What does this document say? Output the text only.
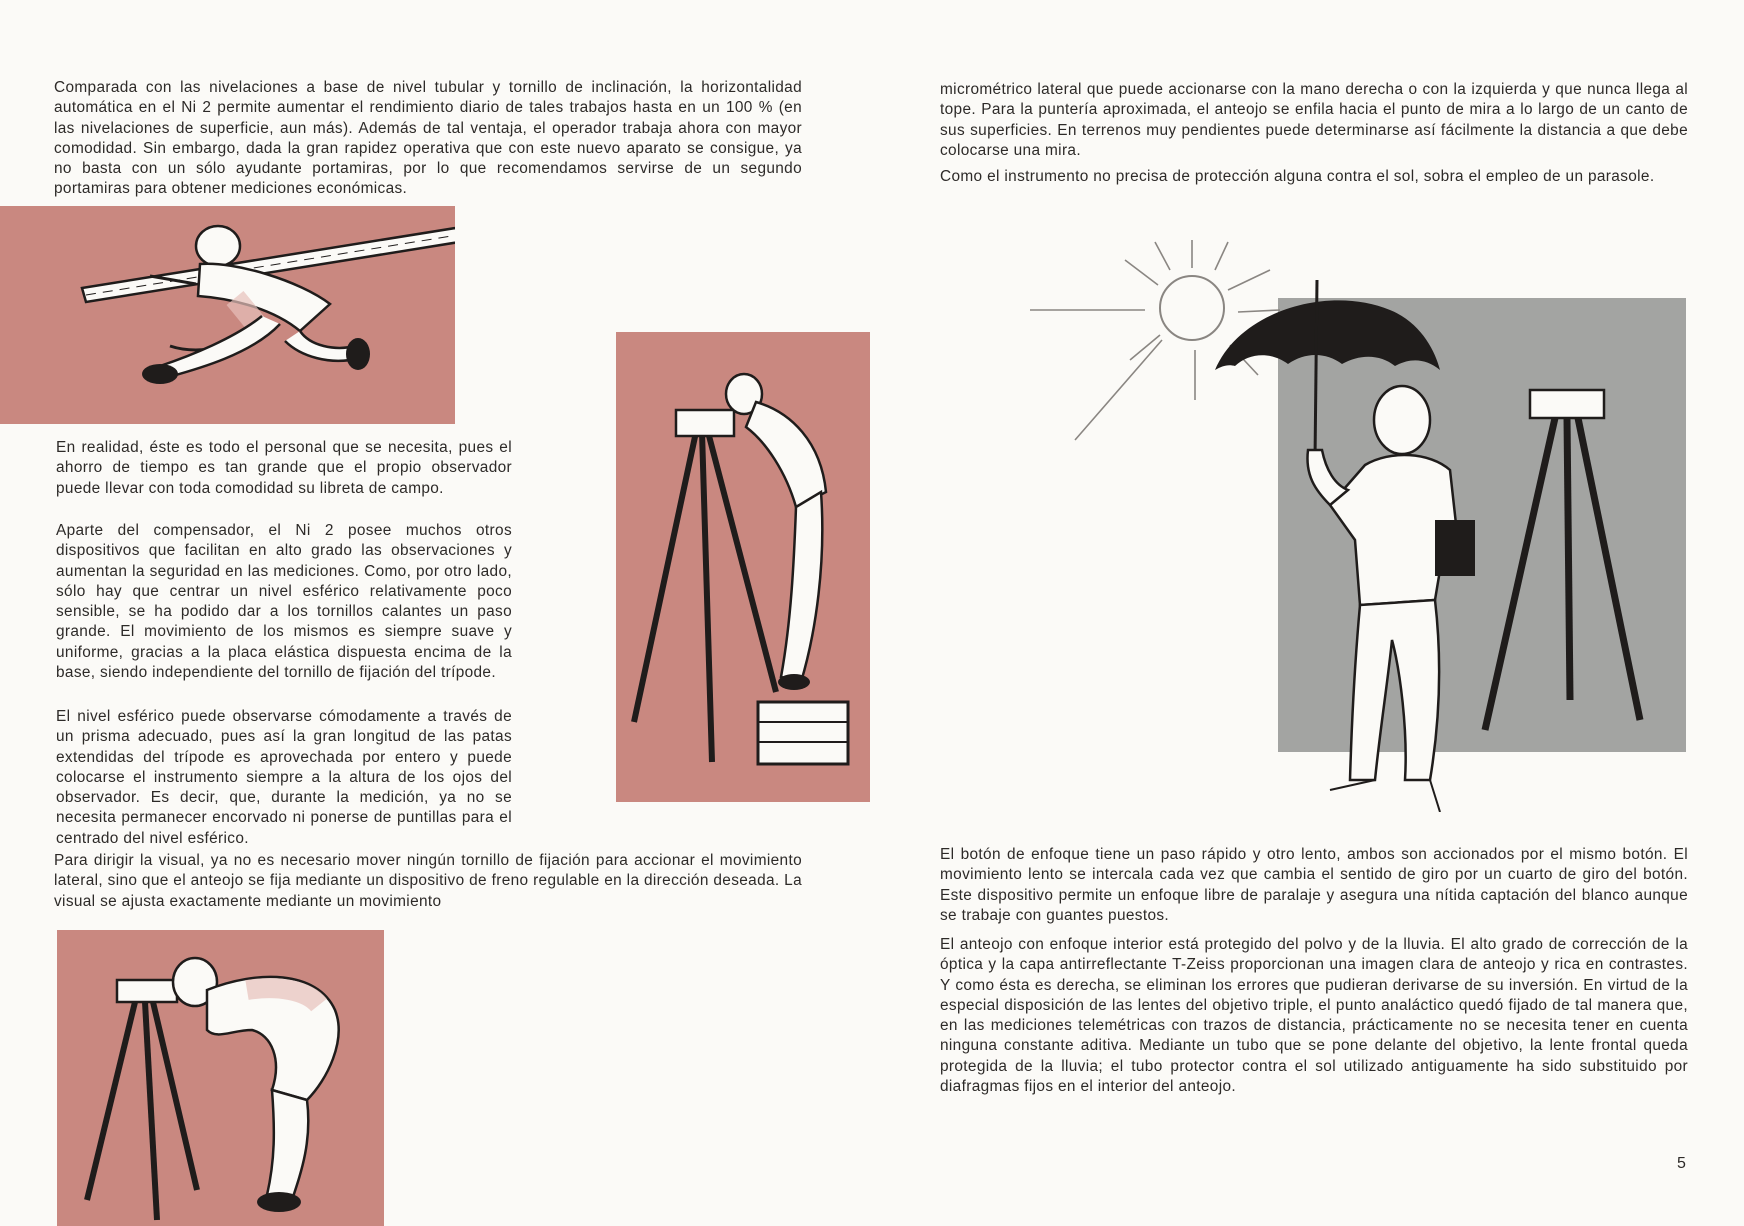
Comparada con las nivelaciones a base de nivel tubular y tornillo de inclinación, la horizontalidad automática en el Ni 2 permite aumentar el rendimiento diario de tales trabajos hasta en un 100 % (en las nivelaciones de superficie, aun más). Además de tal ventaja, el operador trabaja ahora con mayor comodidad. Sin embargo, dada la gran rapidez operativa que con este nuevo aparato se consigue, ya no basta con un sólo ayudante portamiras, por lo que recomendamos servirse de un segundo portamiras para obtener mediciones económicas.

En realidad, éste es todo el personal que se necesita, pues el ahorro de tiempo es tan grande que el propio observador puede llevar con toda comodidad su libreta de campo.

Aparte del compensador, el Ni 2 posee muchos otros dispositivos que facilitan en alto grado las observaciones y aumentan la seguridad en las mediciones. Como, por otro lado, sólo hay que centrar un nivel esférico relativamente poco sensible, se ha podido dar a los tornillos calantes un paso grande. El movimiento de los mismos es siempre suave y uniforme, gracias a la placa elástica dispuesta encima de la base, siendo independiente del tornillo de fijación del trípode.

El nivel esférico puede observarse cómodamente a través de un prisma adecuado, pues así la gran longitud de las patas extendidas del trípode es aprovechada por entero y puede colocarse el instrumento siempre a la altura de los ojos del observador. Es decir, que, durante la medición, ya no se necesita permanecer encorvado ni ponerse de puntillas para el centrado del nivel esférico.

Para dirigir la visual, ya no es necesario mover ningún tornillo de fijación para accionar el movimiento lateral, sino que el anteojo se fija mediante un dispositivo de freno regulable en la dirección deseada. La visual se ajusta exactamente mediante un movimiento

micrométrico lateral que puede accionarse con la mano derecha o con la izquierda y que nunca llega al tope. Para la puntería aproximada, el anteojo se enfila hacia el punto de mira a lo largo de un canto de sus superficies. En terrenos muy pendientes puede determinarse así fácilmente la distancia a que debe colocarse una mira.

Como el instrumento no precisa de protección alguna contra el sol, sobra el empleo de un parasole.

El botón de enfoque tiene un paso rápido y otro lento, ambos son accionados por el mismo botón. El movimiento lento se intercala cada vez que cambia el sentido de giro por un cuarto de giro del botón. Este dispositivo permite un enfoque libre de paralaje y asegura una nítida captación del blanco aunque se trabaje con guantes puestos.

El anteojo con enfoque interior está protegido del polvo y de la lluvia. El alto grado de corrección de la óptica y la capa antirreflectante T-Zeiss proporcionan una imagen clara de anteojo y rica en contrastes. Y como ésta es derecha, se eliminan los errores que pudieran derivarse de su inversión. En virtud de la especial disposición de las lentes del objetivo triple, el punto analáctico quedó fijado de tal manera que, en las mediciones telemétricas con trazos de distancia, prácticamente no se necesita tener en cuenta ninguna constante aditiva. Mediante un tubo que se pone delante del objetivo, la lente frontal queda protegida de la lluvia; el tubo protector contra el sol utilizado antiguamente ha sido substituido por diafragmas fijos en el interior del anteojo.

5
